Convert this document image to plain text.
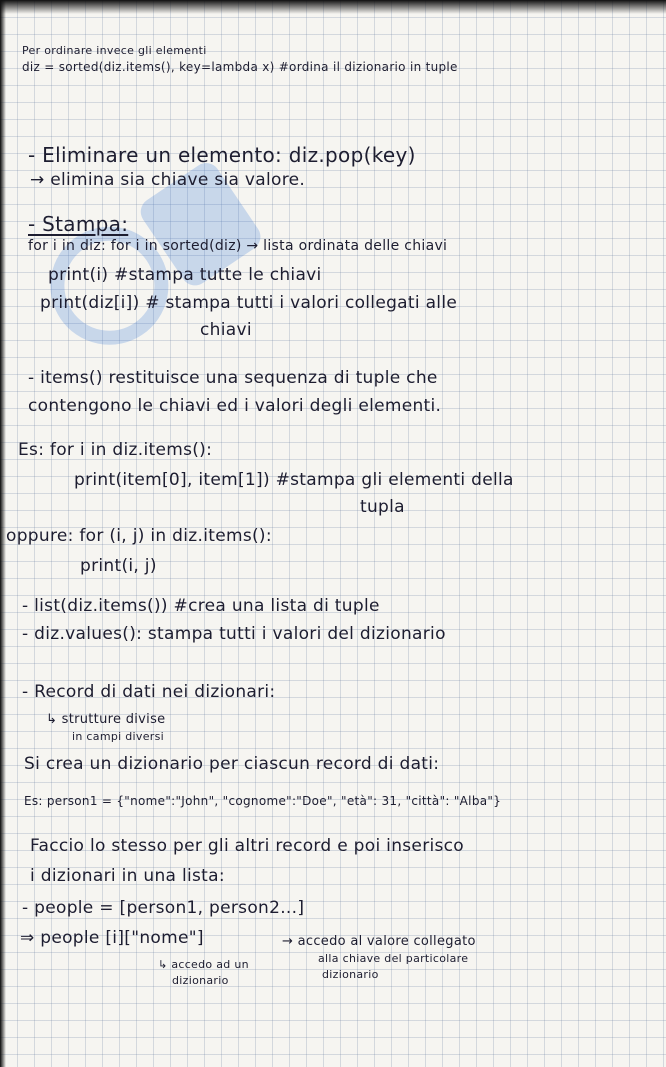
Per ordinare invece gli elementi
diz = sorted(diz.items(), key=lambda x) #ordina il dizionario in tuple
- Eliminare un elemento: diz.pop(key)
→ elimina sia chiave sia valore.
- Stampa:
for i in diz: for i in sorted(diz) → lista ordinata delle chiavi
print(i) #stampa tutte le chiavi
print(diz[i]) # stampa tutti i valori collegati alle
chiavi
- items() restituisce una sequenza di tuple che
contengono le chiavi ed i valori degli elementi.
Es: for i in diz.items():
print(item[0], item[1]) #stampa gli elementi della
tupla
oppure: for (i, j) in diz.items():
print(i, j)
- list(diz.items()) #crea una lista di tuple
- diz.values(): stampa tutti i valori del dizionario
- Record di dati nei dizionari:
↳ strutture divise
in campi diversi
Si crea un dizionario per ciascun record di dati:
Es: person1 = {"nome":"John", "cognome":"Doe", "età": 31, "città": "Alba"}
Faccio lo stesso per gli altri record e poi inserisco
i dizionari in una lista:
- people = [person1, person2...]
⇒ people [i]["nome"]	→ accedo al valore collegato
alla chiave del particolare
dizionario
↳ accedo ad un
dizionario
